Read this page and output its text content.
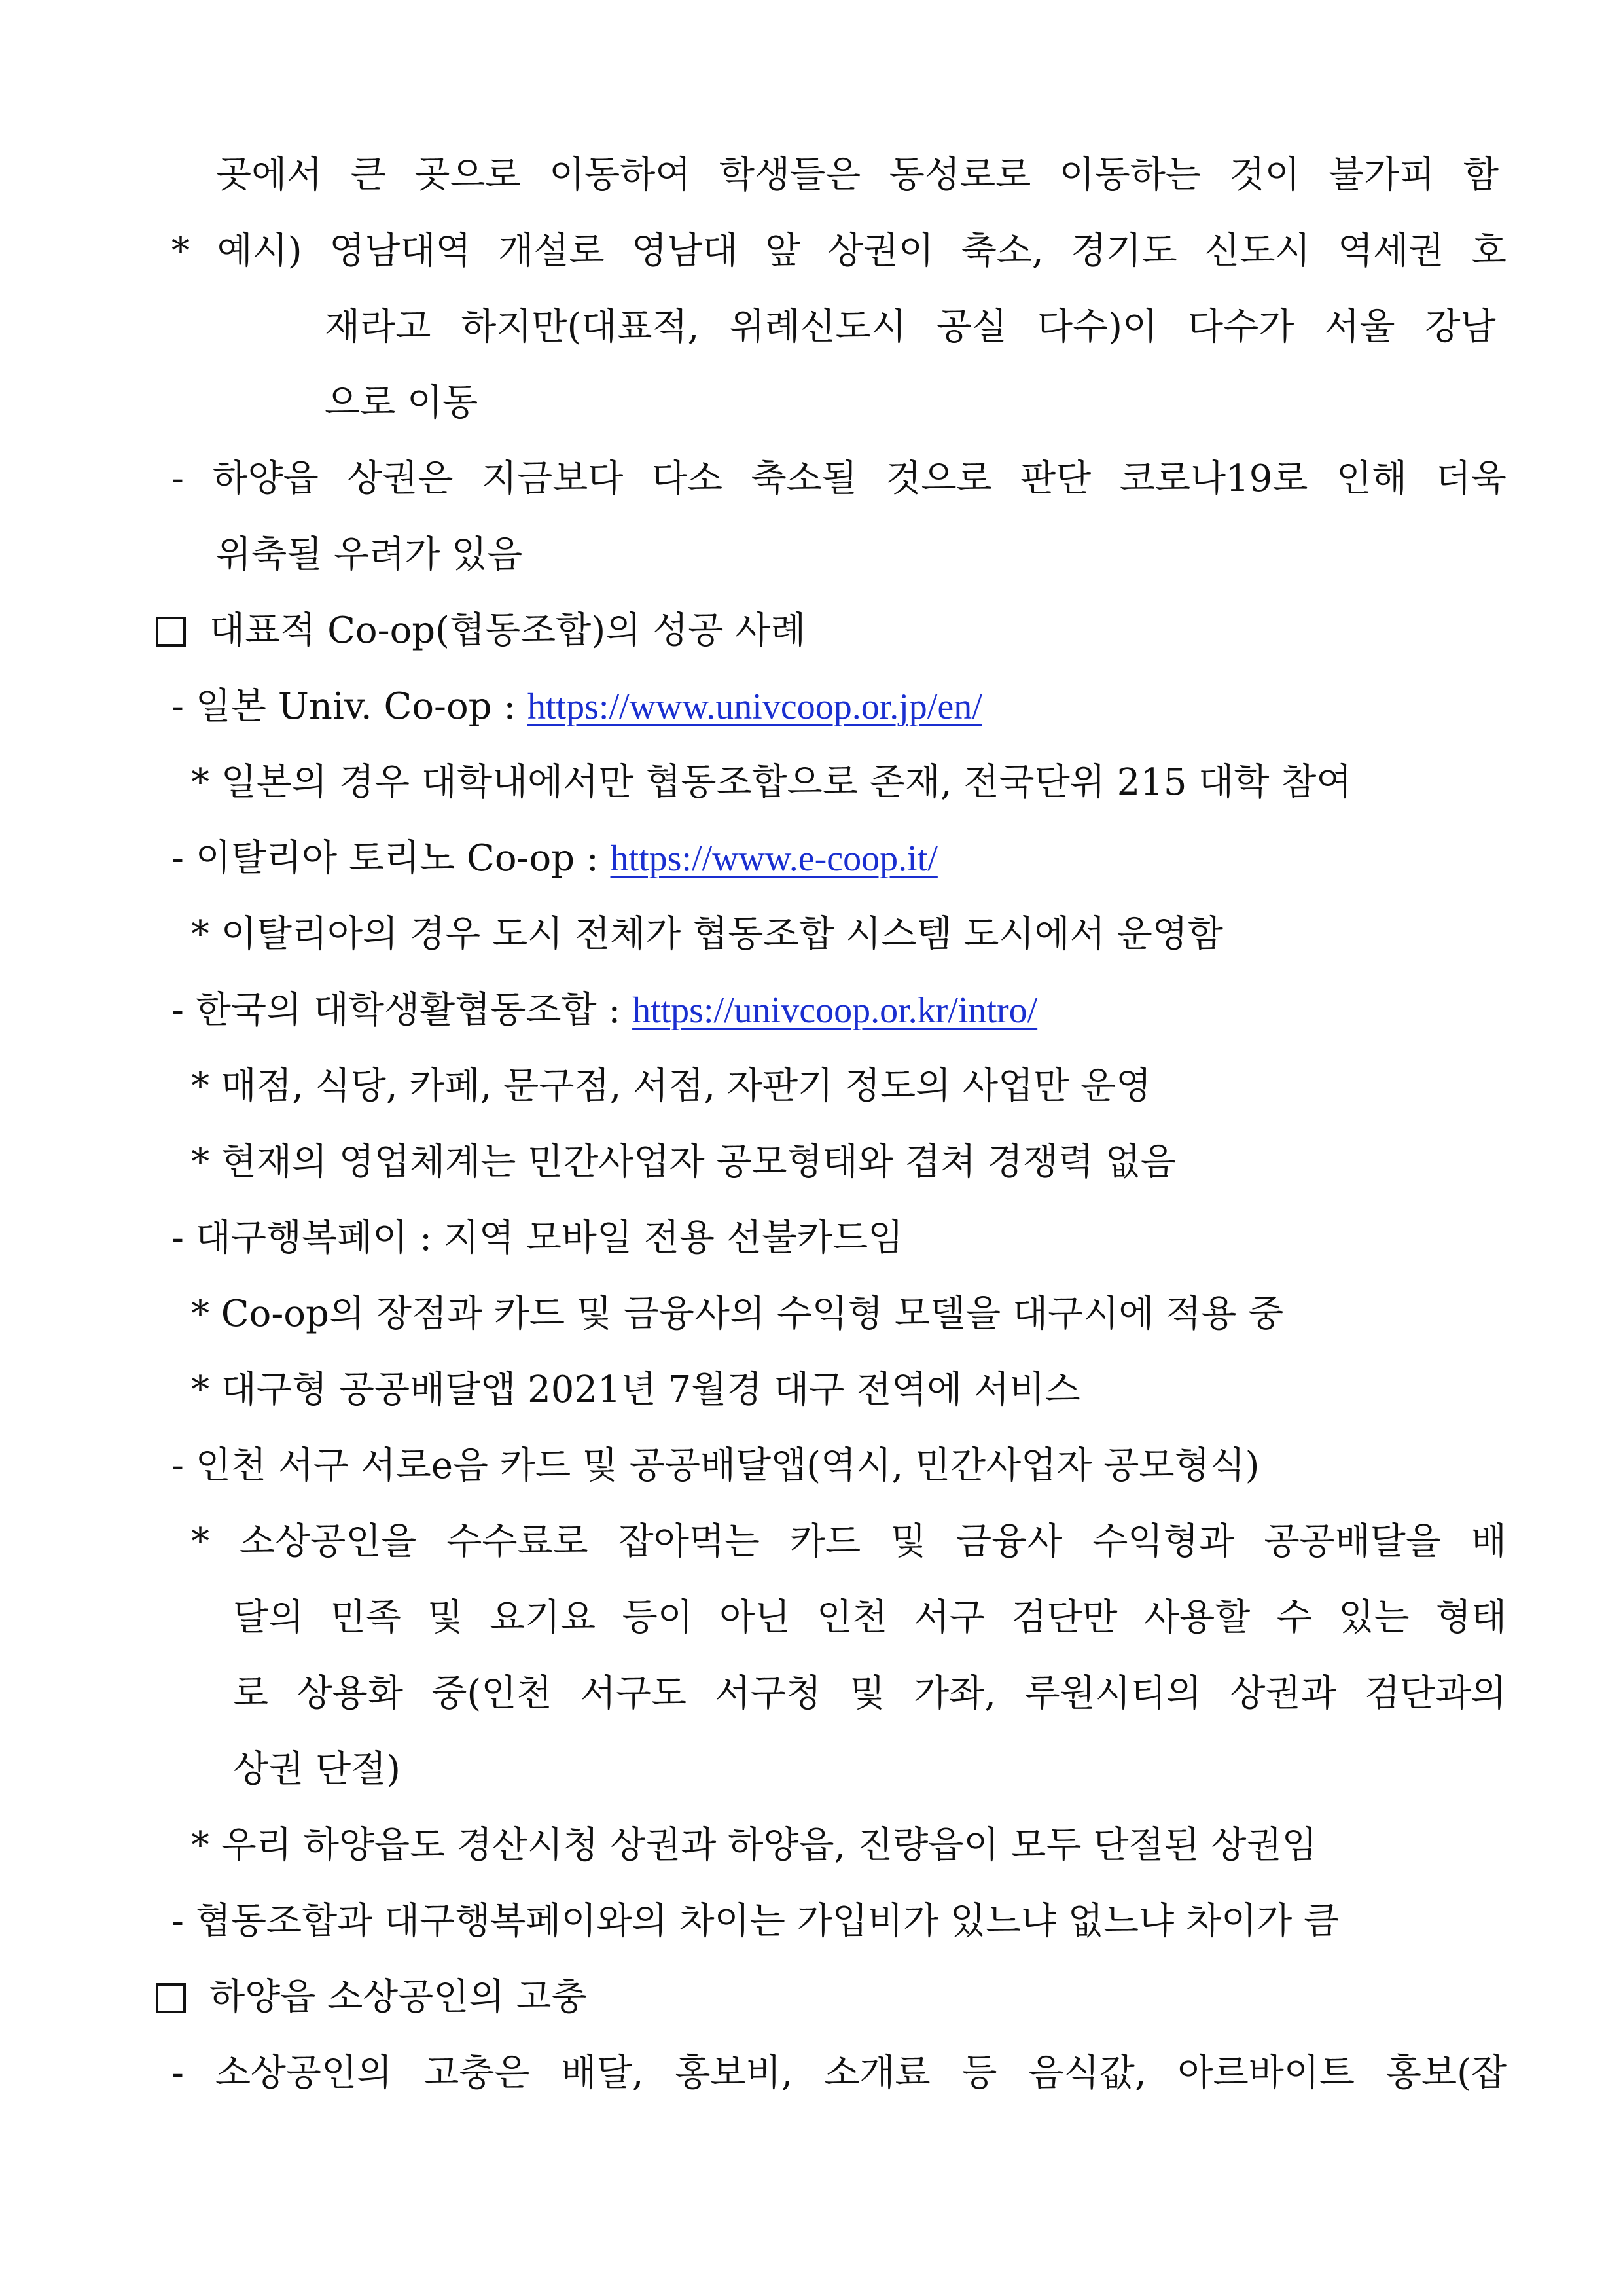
곳에서 큰 곳으로 이동하여 학생들은 동성로로 이동하는 것이 불가피 함
* 예시) 영남대역 개설로 영남대 앞 상권이 축소, 경기도 신도시 역세권 호
재라고 하지만(대표적, 위례신도시 공실 다수)이 다수가 서울 강남
으로 이동
- 하양읍 상권은 지금보다 다소 축소될 것으로 판단 코로나19로 인해 더욱
위축될 우려가 있음
대표적 Co-op(협동조합)의 성공 사례
- 일본 Univ. Co-op : https://www.univcoop.or.jp/en/
* 일본의 경우 대학내에서만 협동조합으로 존재, 전국단위 215 대학 참여
- 이탈리아 토리노 Co-op : https://www.e-coop.it/
* 이탈리아의 경우 도시 전체가 협동조합 시스템 도시에서 운영함
- 한국의 대학생활협동조합 : https://univcoop.or.kr/intro/
* 매점, 식당, 카페, 문구점, 서점, 자판기 정도의 사업만 운영
* 현재의 영업체계는 민간사업자 공모형태와 겹쳐 경쟁력 없음
- 대구행복페이 : 지역 모바일 전용 선불카드임
* Co-op의 장점과 카드 및 금융사의 수익형 모델을 대구시에 적용 중
* 대구형 공공배달앱 2021년 7월경 대구 전역에 서비스
- 인천 서구 서로e음 카드 및 공공배달앱(역시, 민간사업자 공모형식)
* 소상공인을 수수료로 잡아먹는 카드 및 금융사 수익형과 공공배달을 배
달의 민족 및 요기요 등이 아닌 인천 서구 검단만 사용할 수 있는 형태
로 상용화 중(인천 서구도 서구청 및 가좌, 루원시티의 상권과 검단과의
상권 단절)
* 우리 하양읍도 경산시청 상권과 하양읍, 진량읍이 모두 단절된 상권임
- 협동조합과 대구행복페이와의 차이는 가입비가 있느냐 없느냐 차이가 큼
하양읍 소상공인의 고충
- 소상공인의 고충은 배달, 홍보비, 소개료 등 음식값, 아르바이트 홍보(잡
